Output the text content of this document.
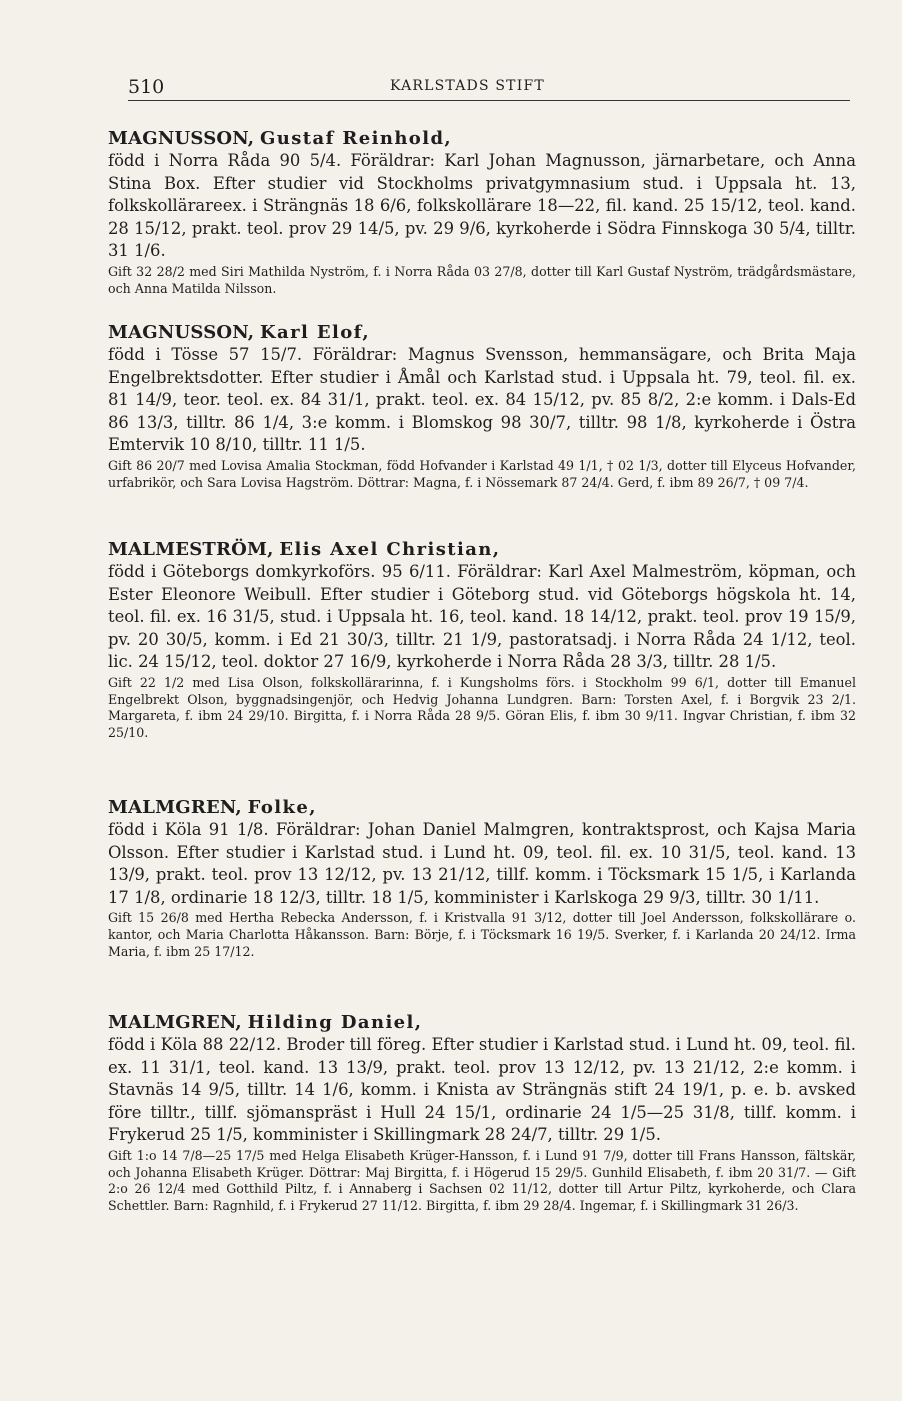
510	KARLSTADS STIFT
MAGNUSSON, Gustaf Reinhold,

född i Norra Råda 90 5/4. Föräldrar: Karl Johan Magnusson, järnarbetare, och Anna Stina Box. Efter studier vid Stockholms privatgymnasium stud. i Uppsala ht. 13, folkskollärareex. i Strängnäs 18 6/6, folkskollärare 18—22, fil. kand. 25 15/12, teol. kand. 28 15/12, prakt. teol. prov 29 14/5, pv. 29 9/6, kyrkoherde i Södra Finnskoga 30 5/4, tilltr. 31 1/6.

Gift 32 28/2 med Siri Mathilda Nyström, f. i Norra Råda 03 27/8, dotter till Karl Gustaf Nyström, trädgårdsmästare, och Anna Matilda Nilsson.

MAGNUSSON, Karl Elof,

född i Tösse 57 15/7. Föräldrar: Magnus Svensson, hemmansägare, och Brita Maja Engelbrektsdotter. Efter studier i Åmål och Karlstad stud. i Uppsala ht. 79, teol. fil. ex. 81 14/9, teor. teol. ex. 84 31/1, prakt. teol. ex. 84 15/12, pv. 85 8/2, 2:e komm. i Dals-Ed 86 13/3, tilltr. 86 1/4, 3:e komm. i Blomskog 98 30/7, tilltr. 98 1/8, kyrkoherde i Östra Emtervik 10 8/10, tilltr. 11 1/5.

Gift 86 20/7 med Lovisa Amalia Stockman, född Hofvander i Karlstad 49 1/1, † 02 1/3, dotter till Elyceus Hofvander, urfabrikör, och Sara Lovisa Hagström. Döttrar: Magna, f. i Nössemark 87 24/4. Gerd, f. ibm 89 26/7, † 09 7/4.

MALMESTRÖM, Elis Axel Christian,

född i Göteborgs domkyrkoförs. 95 6/11. Föräldrar: Karl Axel Malmeström, köpman, och Ester Eleonore Weibull. Efter studier i Göteborg stud. vid Göteborgs högskola ht. 14, teol. fil. ex. 16 31/5, stud. i Uppsala ht. 16, teol. kand. 18 14/12, prakt. teol. prov 19 15/9, pv. 20 30/5, komm. i Ed 21 30/3, tilltr. 21 1/9, pastoratsadj. i Norra Råda 24 1/12, teol. lic. 24 15/12, teol. doktor 27 16/9, kyrkoherde i Norra Råda 28 3/3, tilltr. 28 1/5.

Gift 22 1/2 med Lisa Olson, folkskollärarinna, f. i Kungsholms förs. i Stockholm 99 6/1, dotter till Emanuel Engelbrekt Olson, byggnadsingenjör, och Hedvig Johanna Lundgren. Barn: Torsten Axel, f. i Borgvik 23 2/1. Margareta, f. ibm 24 29/10. Birgitta, f. i Norra Råda 28 9/5. Göran Elis, f. ibm 30 9/11. Ingvar Christian, f. ibm 32 25/10.

MALMGREN, Folke,

född i Köla 91 1/8. Föräldrar: Johan Daniel Malmgren, kontraktsprost, och Kajsa Maria Olsson. Efter studier i Karlstad stud. i Lund ht. 09, teol. fil. ex. 10 31/5, teol. kand. 13 13/9, prakt. teol. prov 13 12/12, pv. 13 21/12, tillf. komm. i Töcksmark 15 1/5, i Karlanda 17 1/8, ordinarie 18 12/3, tilltr. 18 1/5, komminister i Karlskoga 29 9/3, tilltr. 30 1/11.

Gift 15 26/8 med Hertha Rebecka Andersson, f. i Kristvalla 91 3/12, dotter till Joel Andersson, folkskollärare o. kantor, och Maria Charlotta Håkansson. Barn: Börje, f. i Töcksmark 16 19/5. Sverker, f. i Karlanda 20 24/12. Irma Maria, f. ibm 25 17/12.

MALMGREN, Hilding Daniel,

född i Köla 88 22/12. Broder till föreg. Efter studier i Karlstad stud. i Lund ht. 09, teol. fil. ex. 11 31/1, teol. kand. 13 13/9, prakt. teol. prov 13 12/12, pv. 13 21/12, 2:e komm. i Stavnäs 14 9/5, tilltr. 14 1/6, komm. i Knista av Strängnäs stift 24 19/1, p. e. b. avsked före tilltr., tillf. sjömanspräst i Hull 24 15/1, ordinarie 24 1/5—25 31/8, tillf. komm. i Frykerud 25 1/5, komminister i Skillingmark 28 24/7, tilltr. 29 1/5.

Gift 1:o 14 7/8—25 17/5 med Helga Elisabeth Krüger-Hansson, f. i Lund 91 7/9, dotter till Frans Hansson, fältskär, och Johanna Elisabeth Krüger. Döttrar: Maj Birgitta, f. i Högerud 15 29/5. Gunhild Elisabeth, f. ibm 20 31/7. — Gift 2:o 26 12/4 med Gotthild Piltz, f. i Annaberg i Sachsen 02 11/12, dotter till Artur Piltz, kyrkoherde, och Clara Schettler. Barn: Ragnhild, f. i Frykerud 27 11/12. Birgitta, f. ibm 29 28/4. Ingemar, f. i Skillingmark 31 26/3.
